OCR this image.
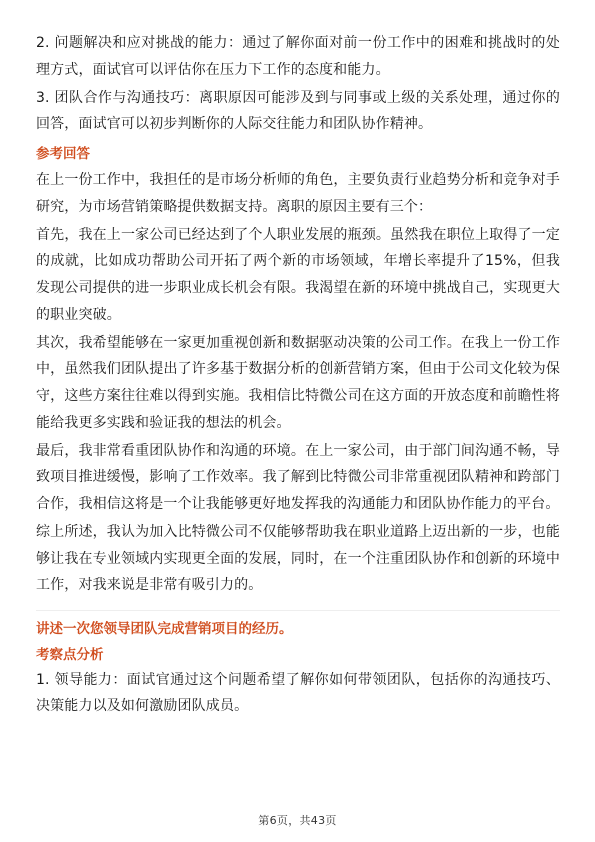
2. 问题解决和应对挑战的能力：通过了解你面对前一份工作中的困难和挑战时的处理方式，面试官可以评估你在压力下工作的态度和能力。

3. 团队合作与沟通技巧：离职原因可能涉及到与同事或上级的关系处理，通过你的回答，面试官可以初步判断你的人际交往能力和团队协作精神。

参考回答

在上一份工作中，我担任的是市场分析师的角色，主要负责行业趋势分析和竞争对手研究，为市场营销策略提供数据支持。离职的原因主要有三个：

首先，我在上一家公司已经达到了个人职业发展的瓶颈。虽然我在职位上取得了一定的成就，比如成功帮助公司开拓了两个新的市场领域，年增长率提升了15%，但我发现公司提供的进一步职业成长机会有限。我渴望在新的环境中挑战自己，实现更大的职业突破。

其次，我希望能够在一家更加重视创新和数据驱动决策的公司工作。在我上一份工作中，虽然我们团队提出了许多基于数据分析的创新营销方案，但由于公司文化较为保守，这些方案往往难以得到实施。我相信比特微公司在这方面的开放态度和前瞻性将能给我更多实践和验证我的想法的机会。

最后，我非常看重团队协作和沟通的环境。在上一家公司，由于部门间沟通不畅，导致项目推进缓慢，影响了工作效率。我了解到比特微公司非常重视团队精神和跨部门合作，我相信这将是一个让我能够更好地发挥我的沟通能力和团队协作能力的平台。

综上所述，我认为加入比特微公司不仅能够帮助我在职业道路上迈出新的一步，也能够让我在专业领域内实现更全面的发展，同时，在一个注重团队协作和创新的环境中工作，对我来说是非常有吸引力的。

讲述一次您领导团队完成营销项目的经历。
考察点分析

1. 领导能力：面试官通过这个问题希望了解你如何带领团队，包括你的沟通技巧、决策能力以及如何激励团队成员。

第6页，共43页
